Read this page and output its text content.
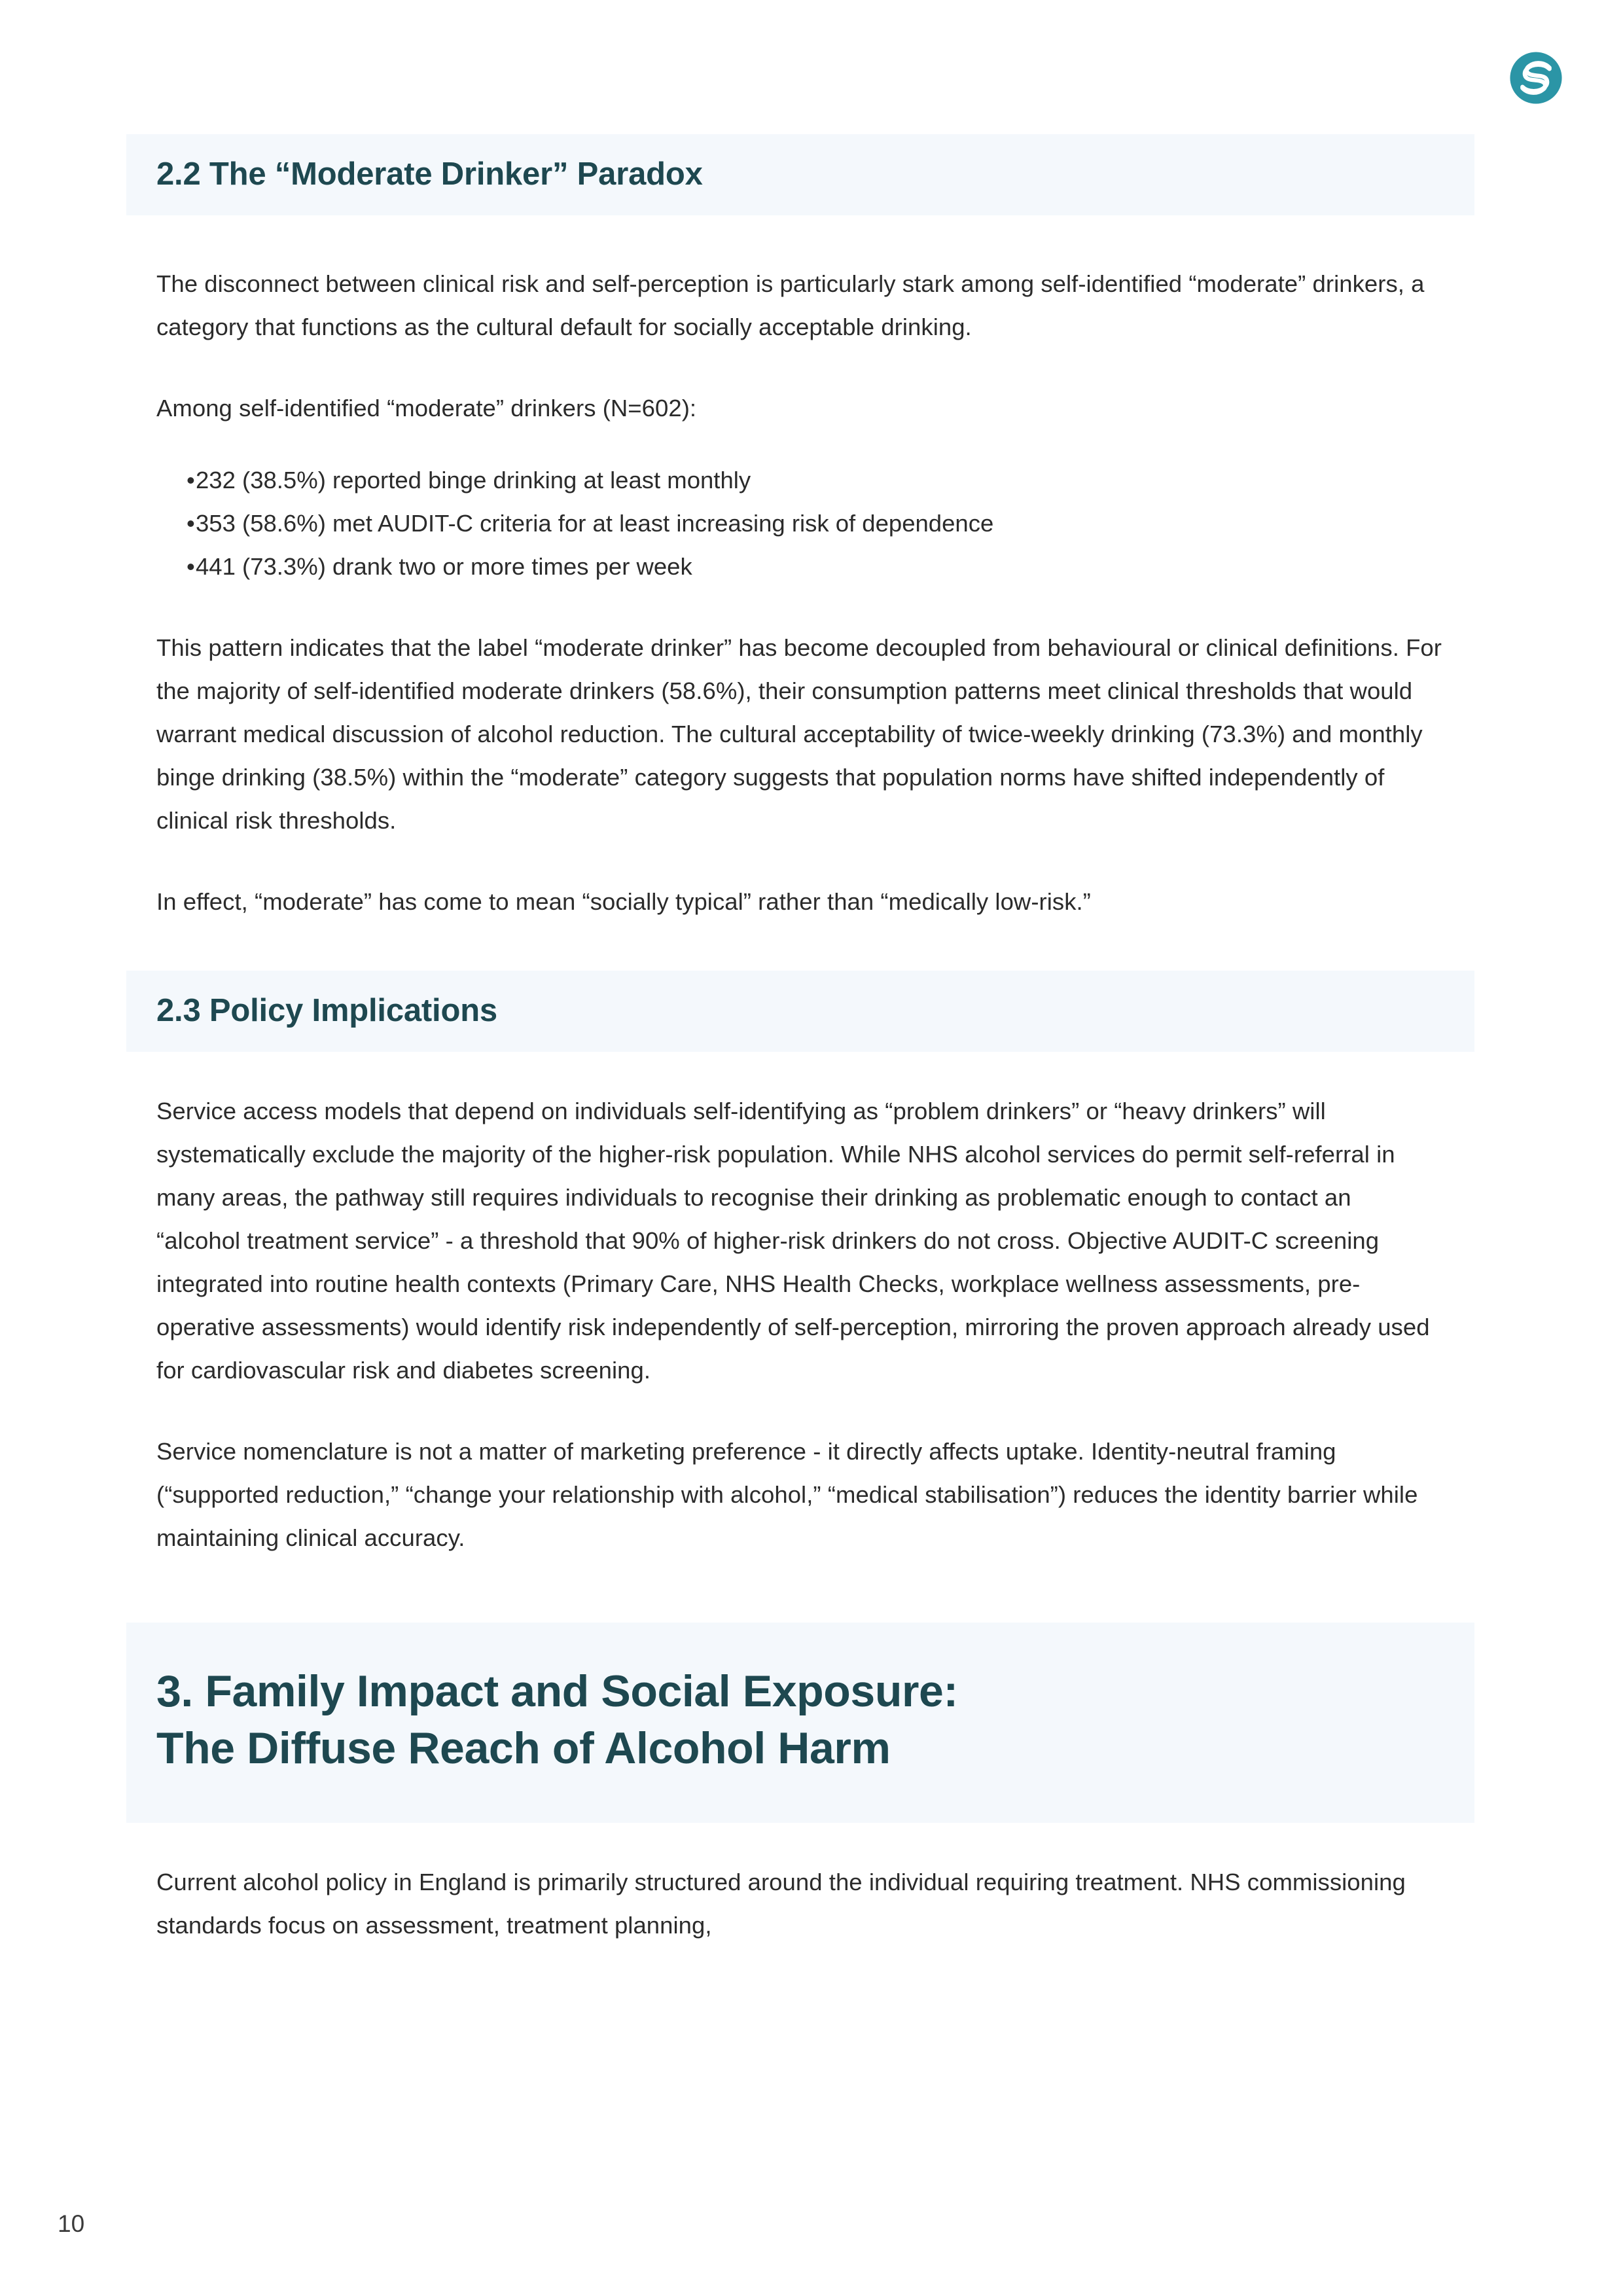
2.2 The “Moderate Drinker” Paradox

The disconnect between clinical risk and self-perception is particularly stark among self-identified “moderate” drinkers, a category that functions as the cultural default for socially acceptable drinking.

Among self-identified “moderate” drinkers (N=602):

• 232 (38.5%) reported binge drinking at least monthly
• 353 (58.6%) met AUDIT-C criteria for at least increasing risk of dependence
• 441 (73.3%) drank two or more times per week

This pattern indicates that the label “moderate drinker” has become decoupled from behavioural or clinical definitions. For the majority of self-identified moderate drinkers (58.6%), their consumption patterns meet clinical thresholds that would warrant medical discussion of alcohol reduction. The cultural acceptability of twice-weekly drinking (73.3%) and monthly binge drinking (38.5%) within the “moderate” category suggests that population norms have shifted independently of clinical risk thresholds.

In effect, “moderate” has come to mean “socially typical” rather than “medically low-risk.”

2.3 Policy Implications

Service access models that depend on individuals self-identifying as “problem drinkers” or “heavy drinkers” will systematically exclude the majority of the higher-risk population. While NHS alcohol services do permit self-referral in many areas, the pathway still requires individuals to recognise their drinking as problematic enough to contact an “alcohol treatment service” - a threshold that 90% of higher-risk drinkers do not cross. Objective AUDIT-C screening integrated into routine health contexts (Primary Care, NHS Health Checks, workplace wellness assessments, pre-operative assessments) would identify risk independently of self-perception, mirroring the proven approach already used for cardiovascular risk and diabetes screening.

Service nomenclature is not a matter of marketing preference - it directly affects uptake. Identity-neutral framing (“supported reduction,” “change your relationship with alcohol,” “medical stabilisation”) reduces the identity barrier while maintaining clinical accuracy.

3. Family Impact and Social Exposure:
The Diffuse Reach of Alcohol Harm

Current alcohol policy in England is primarily structured around the individual requiring treatment. NHS commissioning standards focus on assessment, treatment planning,

10
